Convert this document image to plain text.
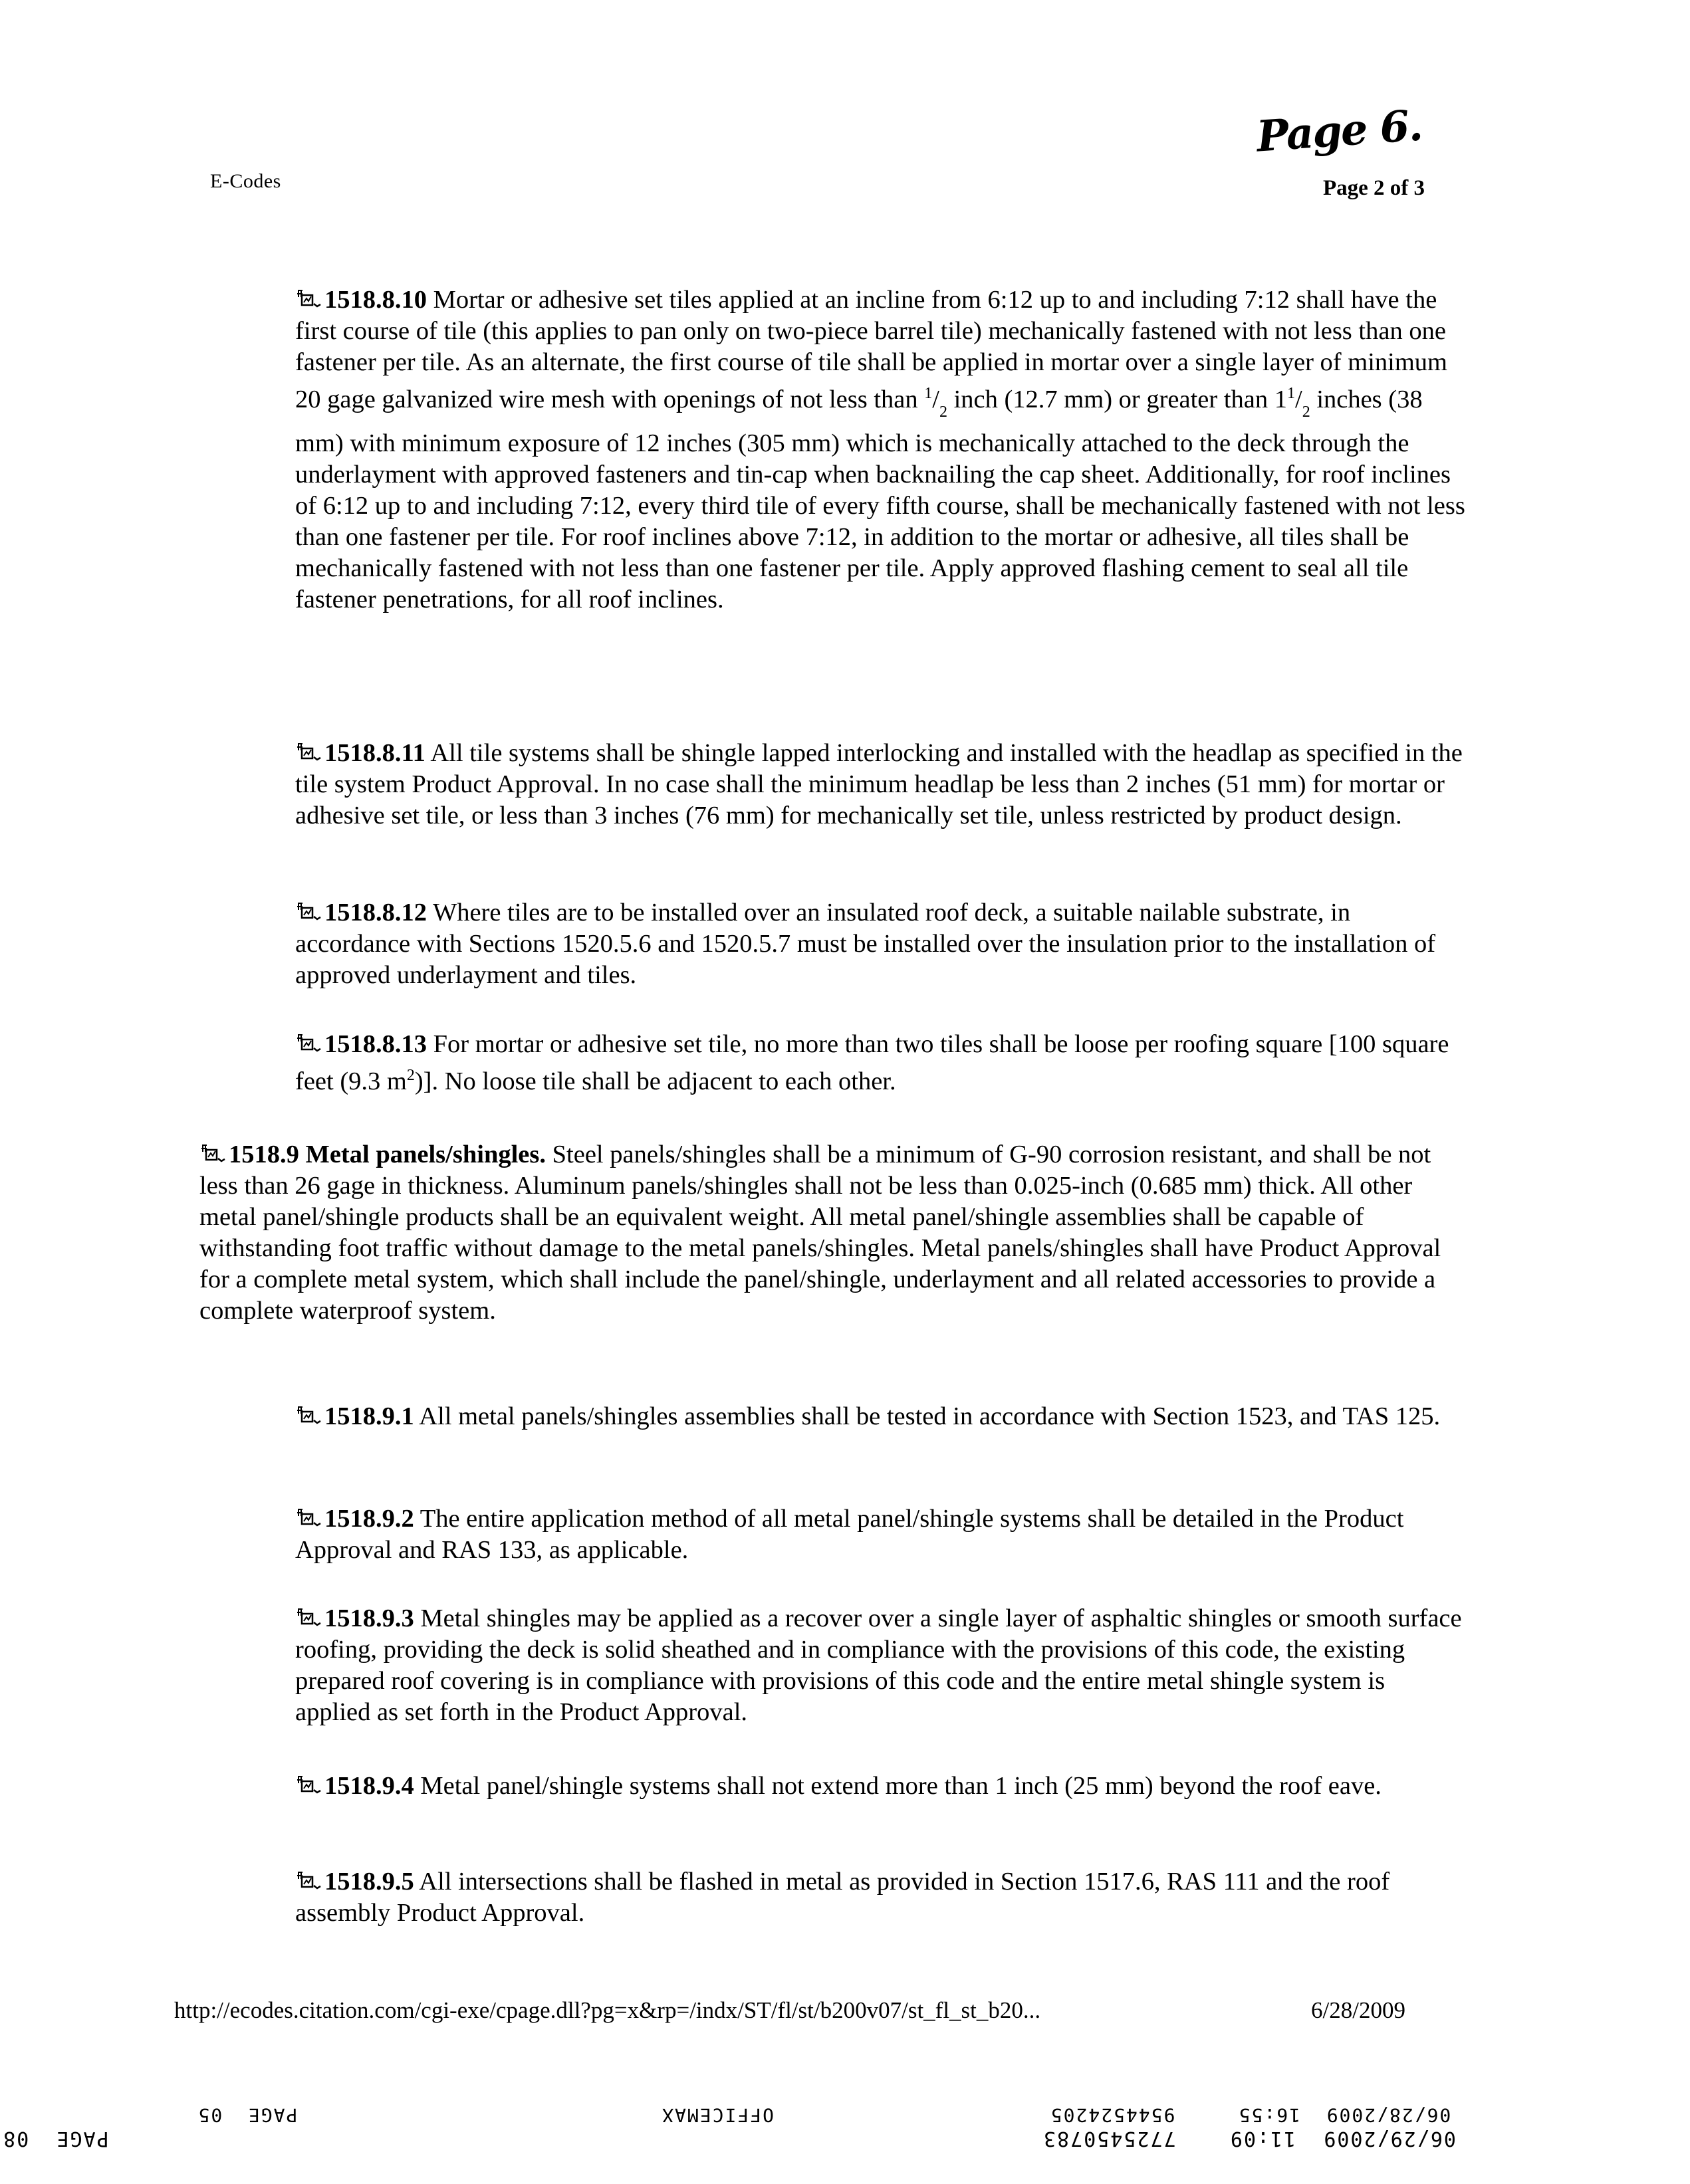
E-Codes
Page 6.
Page 2 of 3
1518.8.10 Mortar or adhesive set tiles applied at an incline from 6:12 up to and including 7:12 shall have the first course of tile (this applies to pan only on two-piece barrel tile) mechanically fastened with not less than one fastener per tile. As an alternate, the first course of tile shall be applied in mortar over a single layer of minimum 20 gage galvanized wire mesh with openings of not less than $^1/_2$ inch (12.7 mm) or greater than $1^1/_2$ inches (38 mm) with minimum exposure of 12 inches (305 mm) which is mechanically attached to the deck through the underlayment with approved fasteners and tin-cap when backnailing the cap sheet. Additionally, for roof inclines of 6:12 up to and including 7:12, every third tile of every fifth course, shall be mechanically fastened with not less than one fastener per tile. For roof inclines above 7:12, in addition to the mortar or adhesive, all tiles shall be mechanically fastened with not less than one fastener per tile. Apply approved flashing cement to seal all tile fastener penetrations, for all roof inclines.
1518.8.11 All tile systems shall be shingle lapped interlocking and installed with the headlap as specified in the tile system Product Approval. In no case shall the minimum headlap be less than 2 inches (51 mm) for mortar or adhesive set tile, or less than 3 inches (76 mm) for mechanically set tile, unless restricted by product design.
1518.8.12 Where tiles are to be installed over an insulated roof deck, a suitable nailable substrate, in accordance with Sections 1520.5.6 and 1520.5.7 must be installed over the insulation prior to the installation of approved underlayment and tiles.
1518.8.13 For mortar or adhesive set tile, no more than two tiles shall be loose per roofing square [100 square feet (9.3 $m^2$)]. No loose tile shall be adjacent to each other.
1518.9 Metal panels/shingles. Steel panels/shingles shall be a minimum of G-90 corrosion resistant, and shall be not less than 26 gage in thickness. Aluminum panels/shingles shall not be less than 0.025-inch (0.685 mm) thick. All other metal panel/shingle products shall be an equivalent weight. All metal panel/shingle assemblies shall be capable of withstanding foot traffic without damage to the metal panels/shingles. Metal panels/shingles shall have Product Approval for a complete metal system, which shall include the panel/shingle, underlayment and all related accessories to provide a complete waterproof system.
1518.9.1 All metal panels/shingles assemblies shall be tested in accordance with Section 1523, and TAS 125.
1518.9.2 The entire application method of all metal panel/shingle systems shall be detailed in the Product Approval and RAS 133, as applicable.
1518.9.3 Metal shingles may be applied as a recover over a single layer of asphaltic shingles or smooth surface roofing, providing the deck is solid sheathed and in compliance with the provisions of this code, the existing prepared roof covering is in compliance with provisions of this code and the entire metal shingle system is applied as set forth in the Product Approval.
1518.9.4 Metal panel/shingle systems shall not extend more than 1 inch (25 mm) beyond the roof eave.
1518.9.5 All intersections shall be flashed in metal as provided in Section 1517.6, RAS 111 and the roof assembly Product Approval.
http://ecodes.citation.com/cgi-exe/cpage.dll?pg=x&rp=/indx/ST/fl/st/b200v07/st_fl_st_b20...	6/28/2009

06/28/2009  16:55     9544524205                      OFFICEMAX                             PAGE  05

06/29/2009  11:09    7725450783                                                                      PAGE  08
